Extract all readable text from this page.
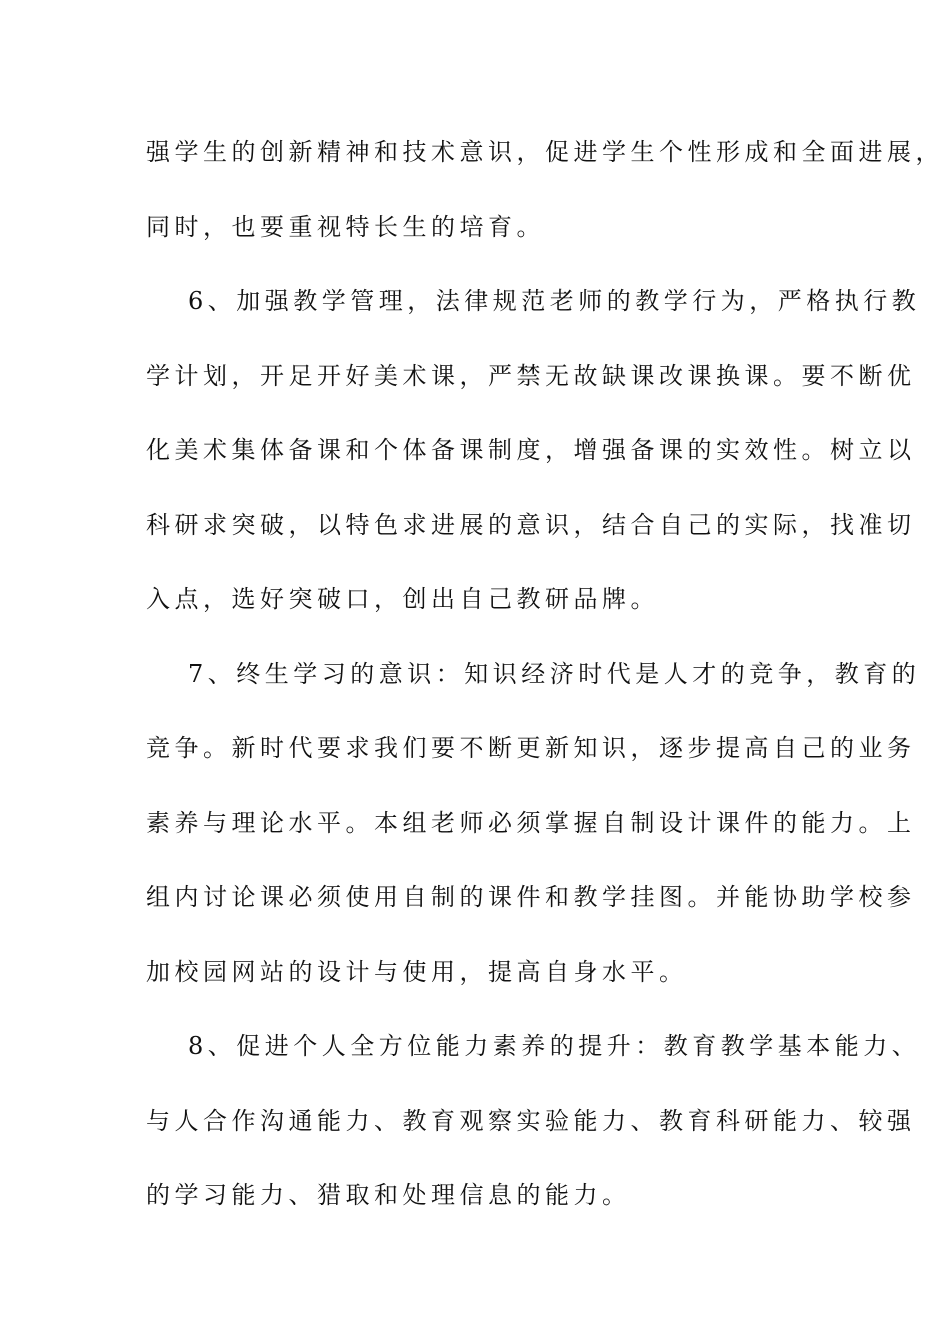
强学生的创新精神和技术意识，促进学生个性形成和全面进展，
同时，也要重视特长生的培育。
6、加强教学管理，法律规范老师的教学行为，严格执行教
学计划，开足开好美术课，严禁无故缺课改课换课。要不断优
化美术集体备课和个体备课制度，增强备课的实效性。树立以
科研求突破，以特色求进展的意识，结合自己的实际，找准切
入点，选好突破口，创出自己教研品牌。
7、终生学习的意识：知识经济时代是人才的竞争，教育的
竞争。新时代要求我们要不断更新知识，逐步提高自己的业务
素养与理论水平。本组老师必须掌握自制设计课件的能力。上
组内讨论课必须使用自制的课件和教学挂图。并能协助学校参
加校园网站的设计与使用，提高自身水平。
8、促进个人全方位能力素养的提升：教育教学基本能力、
与人合作沟通能力、教育观察实验能力、教育科研能力、较强
的学习能力、猎取和处理信息的能力。
